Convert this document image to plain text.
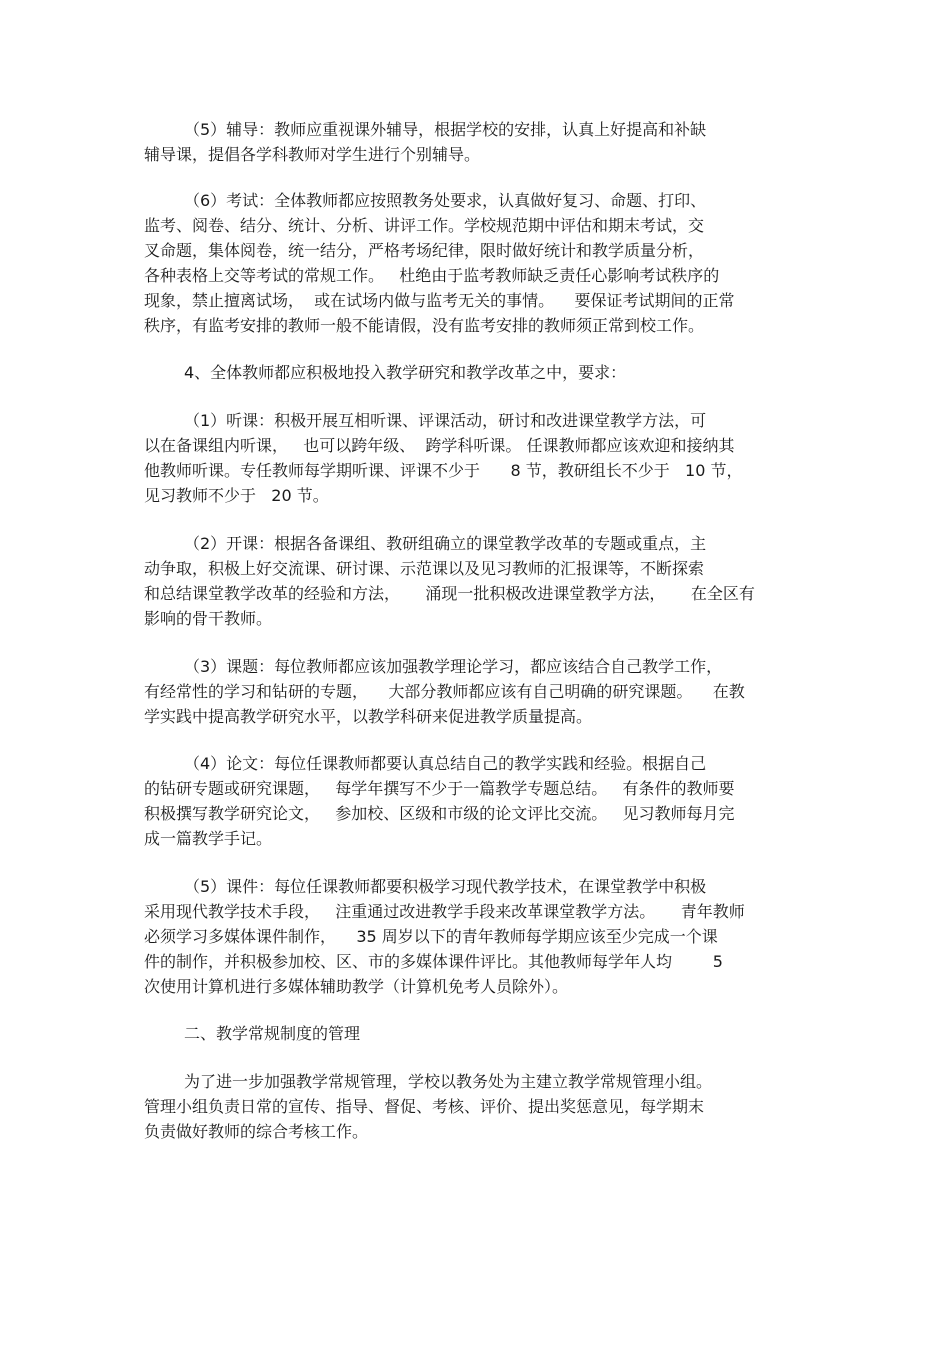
（5）辅导：教师应重视课外辅导，根据学校的安排，认真上好提高和补缺
辅导课，提倡各学科教师对学生进行个别辅导。
（6）考试：全体教师都应按照教务处要求，认真做好复习、命题、打印、
监考、阅卷、结分、统计、分析、讲评工作。学校规范期中评估和期末考试，交
叉命题，集体阅卷，统一结分，严格考场纪律，限时做好统计和教学质量分析，
各种表格上交等考试的常规工作。   杜绝由于监考教师缺乏责任心影响考试秩序的
现象，禁止擅离试场，  或在试场内做与监考无关的事情。    要保证考试期间的正常
秩序，有监考安排的教师一般不能请假，没有监考安排的教师须正常到校工作。
4、全体教师都应积极地投入教学研究和教学改革之中，要求：
（1）听课：积极开展互相听课、评课活动，研讨和改进课堂教学方法，可
以在备课组内听课，   也可以跨年级、  跨学科听课。 任课教师都应该欢迎和接纳其
他教师听课。专任教师每学期听课、评课不少于      8 节，教研组长不少于   10 节，
见习教师不少于   20 节。
（2）开课：根据各备课组、教研组确立的课堂教学改革的专题或重点，主
动争取，积极上好交流课、研讨课、示范课以及见习教师的汇报课等，不断探索
和总结课堂教学改革的经验和方法，     涌现一批积极改进课堂教学方法，     在全区有
影响的骨干教师。
（3）课题：每位教师都应该加强教学理论学习，都应该结合自己教学工作，
有经常性的学习和钻研的专题，    大部分教师都应该有自己明确的研究课题。    在教
学实践中提高教学研究水平，以教学科研来促进教学质量提高。
（4）论文：每位任课教师都要认真总结自己的教学实践和经验。根据自己
的钻研专题或研究课题，   每学年撰写不少于一篇教学专题总结。   有条件的教师要
积极撰写教学研究论文，   参加校、区级和市级的论文评比交流。   见习教师每月完
成一篇教学手记。
（5）课件：每位任课教师都要积极学习现代教学技术，在课堂教学中积极
采用现代教学技术手段，   注重通过改进教学手段来改革课堂教学方法。     青年教师
必须学习多媒体课件制作，    35 周岁以下的青年教师每学期应该至少完成一个课
件的制作，并积极参加校、区、市的多媒体课件评比。其他教师每学年人均        5
次使用计算机进行多媒体辅助教学（计算机免考人员除外）。
二、教学常规制度的管理
为了进一步加强教学常规管理，学校以教务处为主建立教学常规管理小组。
管理小组负责日常的宣传、指导、督促、考核、评价、提出奖惩意见，每学期末
负责做好教师的综合考核工作。
